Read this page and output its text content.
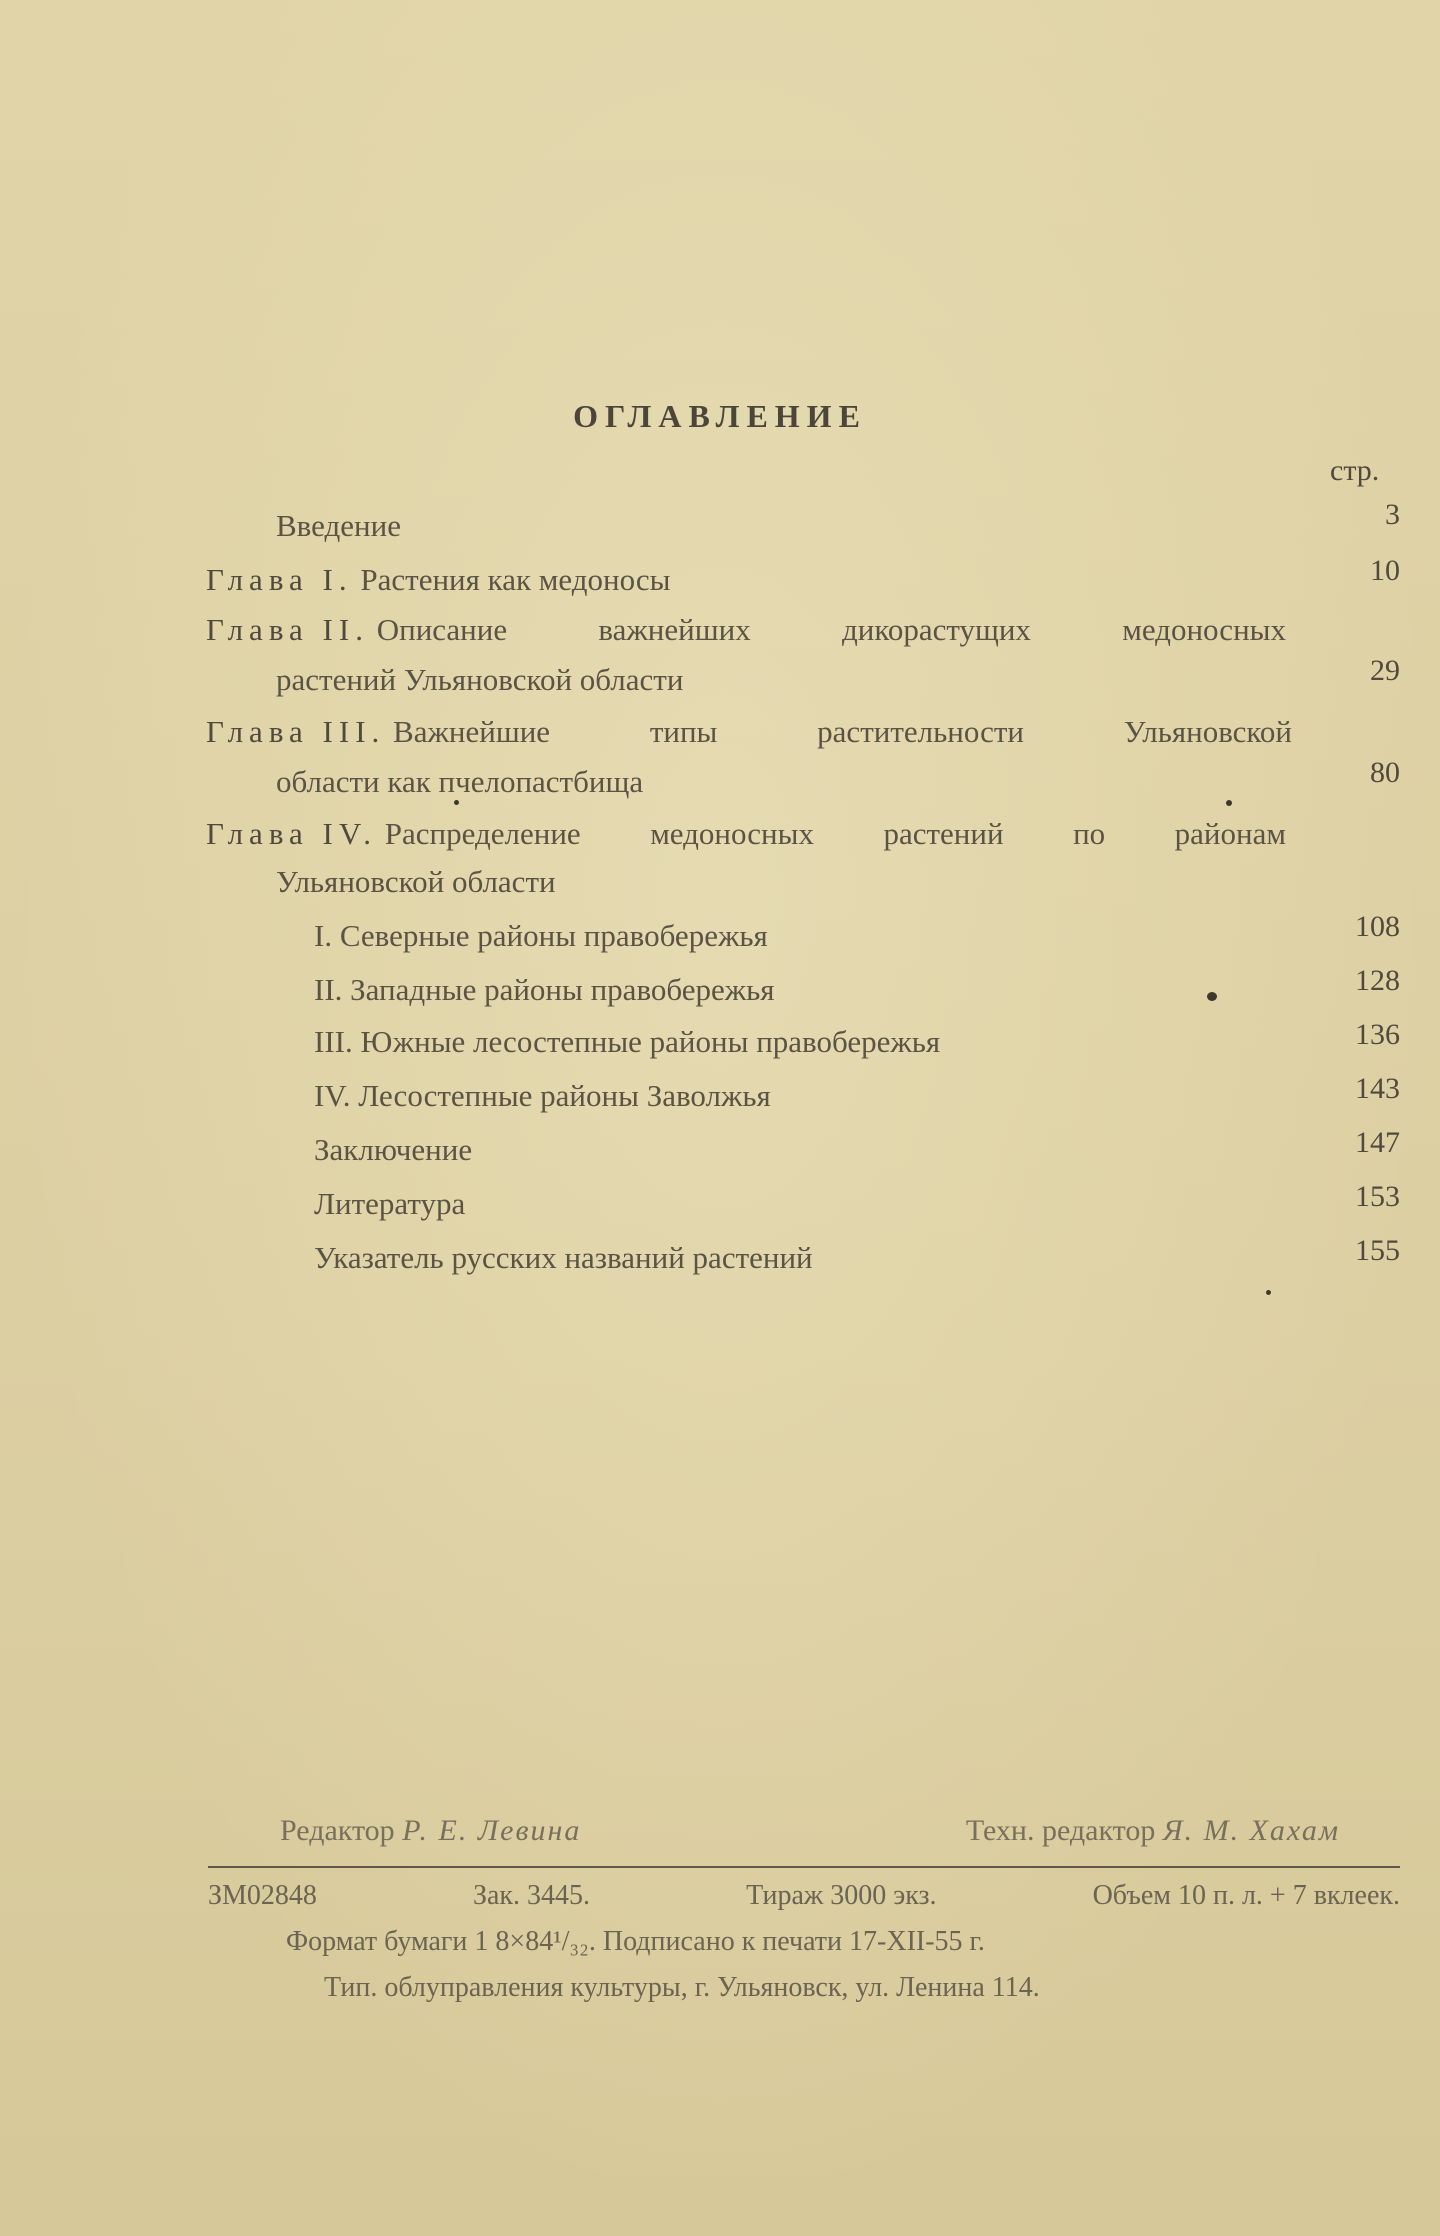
ОГЛАВЛЕНИЕ
стр.
Введение	3
Глава I. Растения как медоносы	10
Глава II. Описание	важнейших	дикорастущих	медоносных
растений Ульяновской области	29
Глава III. Важнейшие	типы	растительности	Ульяновской
области как пчелопастбища	80
Глава IV. Распределение медоносных растений по районам
Ульяновской области
I. Северные районы правобережья	108
II. Западные районы правобережья	128
III. Южные лесостепные районы правобережья	136
IV. Лесостепные районы Заволжья	143
Заключение	147
Литература	153
Указатель русских названий растений	155
Редактор Р. Е. Левина	Техн. редактор Я. М. Хахам
ЗМ02848	Зак. 3445.	Тираж 3000 экз.	Объем 10 п. л. + 7 вклеек.
Формат бумаги 1 8×84¹/₃₂. Подписано к печати 17-XII-55 г.
Тип. облуправления культуры, г. Ульяновск, ул. Ленина 114.
